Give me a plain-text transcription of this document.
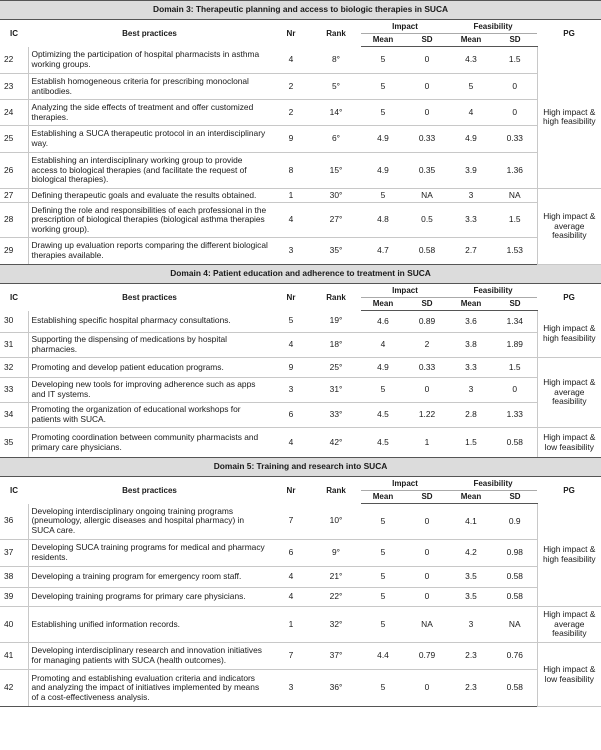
Domain 3: Therapeutic planning and access to biologic therapies in SUCA								
IC	Best practices	Nr	Rank	Impact		Feasibility		PG
				Mean	SD	Mean	SD	
22	Optimizing the participation of hospital pharmacists in asthma working groups.	4	8°	5	0	4.3	1.5	High impact & high feasibility
23	Establish homogeneous criteria for prescribing monoclonal antibodies.	2	5°	5	0	5	0	
24	Analyzing the side effects of treatment and offer customized therapies.	2	14°	5	0	4	0	
25	Establishing a SUCA therapeutic protocol in an interdisciplinary way.	9	6°	4.9	0.33	4.9	0.33	
26	Establishing an interdisciplinary working group to provide access to biological therapies (and facilitate the request of biological therapies).	8	15°	4.9	0.35	3.9	1.36	
27	Defining therapeutic goals and evaluate the results obtained.	1	30°	5	NA	3	NA	High impact & average feasibility
28	Defining the role and responsibilities of each professional in the prescription of biological therapies (biological asthma therapies working group).	4	27°	4.8	0.5	3.3	1.5	
29	Drawing up evaluation reports comparing the different biological therapies available.	3	35°	4.7	0.58	2.7	1.53	
Domain 4: Patient education and adherence to treatment in SUCA								
IC	Best practices	Nr	Rank	Impact		Feasibility		PG
				Mean	SD	Mean	SD	
30	Establishing specific hospital pharmacy consultations.	5	19°	4.6	0.89	3.6	1.34	High impact & high feasibility
31	Supporting the dispensing of medications by hospital pharmacies.	4	18°	4	2	3.8	1.89	
32	Promoting and develop patient education programs.	9	25°	4.9	0.33	3.3	1.5	High impact & average feasibility
33	Developing new tools for improving adherence such as apps and IT systems.	3	31°	5	0	3	0	
34	Promoting the organization of educational workshops for patients with SUCA.	6	33°	4.5	1.22	2.8	1.33	
35	Promoting coordination between community pharmacists and primary care physicians.	4	42°	4.5	1	1.5	0.58	High impact & low feasibility
Domain 5: Training and research into SUCA								
IC	Best practices	Nr	Rank	Impact		Feasibility		PG
				Mean	SD	Mean	SD	
36	Developing interdisciplinary ongoing training programs (pneumology, allergic diseases and hospital pharmacy) in SUCA care.	7	10°	5	0	4.1	0.9	High impact & high feasibility
37	Developing SUCA training programs for medical and pharmacy residents.	6	9°	5	0	4.2	0.98	
38	Developing a training program for emergency room staff.	4	21°	5	0	3.5	0.58	
39	Developing training programs for primary care physicians.	4	22°	5	0	3.5	0.58	
40	Establishing unified information records.	1	32°	5	NA	3	NA	High impact & average feasibility
41	Developing interdisciplinary research and innovation initiatives for managing patients with SUCA (health outcomes).	7	37°	4.4	0.79	2.3	0.76	High impact & low feasibility
42	Promoting and establishing evaluation criteria and indicators and analyzing the impact of initiatives implemented by means of a cost-effectiveness analysis.	3	36°	5	0	2.3	0.58	
